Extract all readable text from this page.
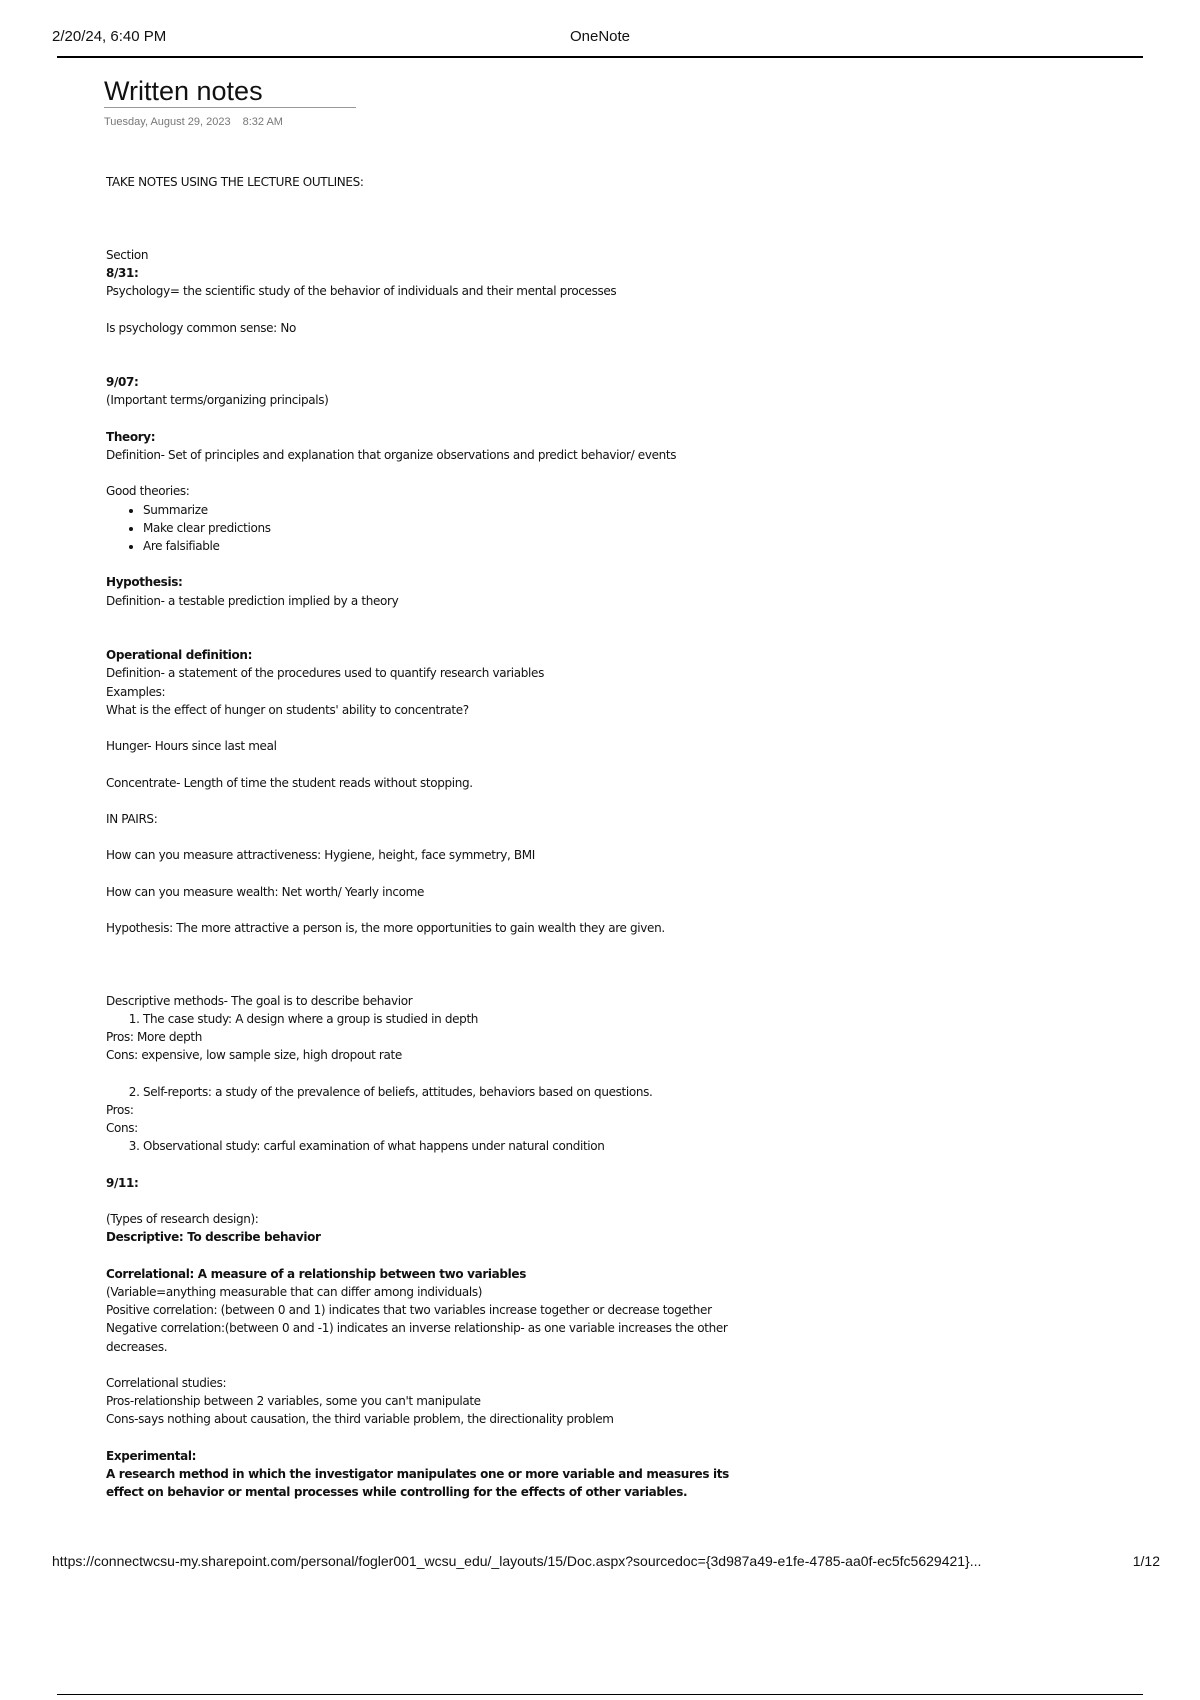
2/20/24, 6:40 PM	OneNote
Written notes
Tuesday, August 29, 2023 8:32 AM

TAKE NOTES USING THE LECTURE OUTLINES:

Section

8/31:

Psychology= the scientific study of the behavior of individuals and their mental processes

Is psychology common sense: No

9/07:

(Important terms/organizing principals)

Theory:

Definition- Set of principles and explanation that organize observations and predict behavior/ events

Good theories:

• Summarize
• Make clear predictions
• Are falsifiable

Hypothesis:

Definition- a testable prediction implied by a theory

Operational definition:

Definition- a statement of the procedures used to quantify research variables

Examples:

What is the effect of hunger on students' ability to concentrate?

Hunger- Hours since last meal

Concentrate- Length of time the student reads without stopping.

IN PAIRS:

How can you measure attractiveness: Hygiene, height, face symmetry, BMI

How can you measure wealth: Net worth/ Yearly income

Hypothesis: The more attractive a person is, the more opportunities to gain wealth they are given.

Descriptive methods- The goal is to describe behavior

1. The case study: A design where a group is studied in depth

Pros: More depth

Cons: expensive, low sample size, high dropout rate

2. Self-reports: a study of the prevalence of beliefs, attitudes, behaviors based on questions.

Pros:

Cons:

3. Observational study: carful examination of what happens under natural condition

9/11:

(Types of research design):

Descriptive: To describe behavior

Correlational: A measure of a relationship between two variables

(Variable=anything measurable that can differ among individuals)

Positive correlation: (between 0 and 1) indicates that two variables increase together or decrease together

Negative correlation:(between 0 and -1) indicates an inverse relationship- as one variable increases the other decreases.

Correlational studies:

Pros-relationship between 2 variables, some you can't manipulate

Cons-says nothing about causation, the third variable problem, the directionality problem

Experimental:

A research method in which the investigator manipulates one or more variable and measures its effect on behavior or mental processes while controlling for the effects of other variables.

https://connectwcsu-my.sharepoint.com/personal/fogler001_wcsu_edu/_layouts/15/Doc.aspx?sourcedoc={3d987a49-e1fe-4785-aa0f-ec5fc5629421}...	1/12
